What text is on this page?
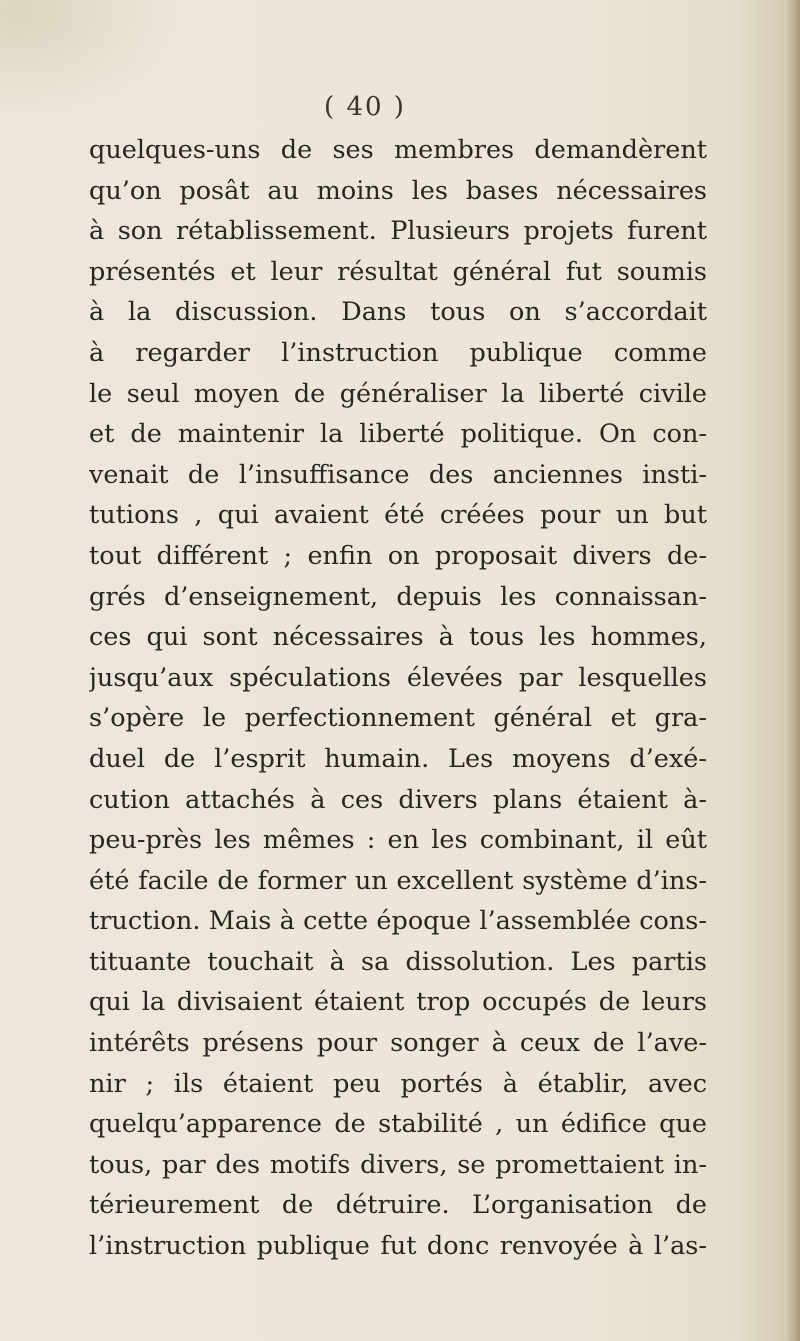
( 40 )
quelques-uns de ses membres demandèrent
qu’on posât au moins les bases nécessaires
à son rétablissement. Plusieurs projets furent
présentés et leur résultat général fut soumis
à la discussion. Dans tous on s’accordait
à regarder l’instruction publique comme
le seul moyen de généraliser la liberté civile
et de maintenir la liberté politique. On con-
venait de l’insuffisance des anciennes insti-
tutions , qui avaient été créées pour un but
tout différent ; enfin on proposait divers de-
grés d’enseignement, depuis les connaissan-
ces qui sont nécessaires à tous les hommes,
jusqu’aux spéculations élevées par lesquelles
s’opère le perfectionnement général et gra-
duel de l’esprit humain. Les moyens d’exé-
cution attachés à ces divers plans étaient à-
peu-près les mêmes : en les combinant, il eût
été facile de former un excellent système d’ins-
truction. Mais à cette époque l’assemblée cons-
tituante touchait à sa dissolution. Les partis
qui la divisaient étaient trop occupés de leurs
intérêts présens pour songer à ceux de l’ave-
nir ; ils étaient peu portés à établir, avec
quelqu’apparence de stabilité , un édifice que
tous, par des motifs divers, se promettaient in-
térieurement de détruire. L’organisation de
l’instruction publique fut donc renvoyée à l’as-
